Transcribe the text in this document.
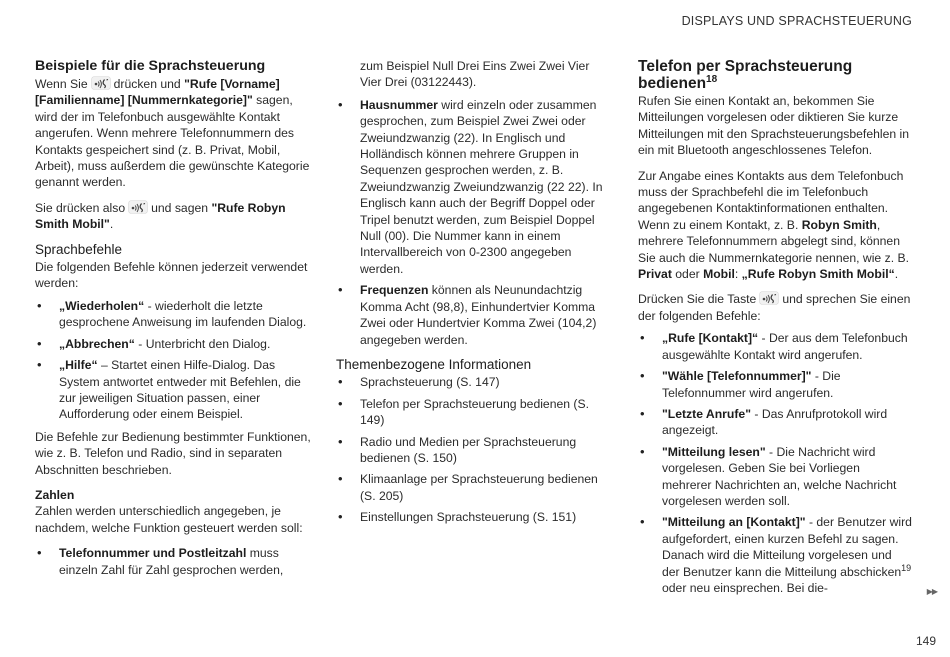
DISPLAYS UND SPRACHSTEUERUNG
Beispiele für die Sprachsteuerung

Wenn Sie drücken und "Rufe [Vorname] [Familienname] [Nummernkategorie]" sagen, wird der im Telefonbuch ausgewählte Kontakt angerufen. Wenn mehrere Telefonnummern des Kontakts gespeichert sind (z. B. Privat, Mobil, Arbeit), muss außerdem die gewünschte Kategorie genannt werden.

Sie drücken also und sagen "Rufe Robyn Smith Mobil".

Sprachbefehle

Die folgenden Befehle können jederzeit verwendet werden:

• „Wiederholen“ - wiederholt die letzte gesprochene Anweisung im laufenden Dialog.
• „Abbrechen“ - Unterbricht den Dialog.
• „Hilfe“ – Startet einen Hilfe-Dialog. Das System antwortet entweder mit Befehlen, die zur jeweiligen Situation passen, einer Aufforderung oder einem Beispiel.

Die Befehle zur Bedienung bestimmter Funktionen, wie z. B. Telefon und Radio, sind in separaten Abschnitten beschrieben.

Zahlen

Zahlen werden unterschiedlich angegeben, je nachdem, welche Funktion gesteuert werden soll:

• Telefonnummer und Postleitzahl muss einzeln Zahl für Zahl gesprochen werden,

zum Beispiel Null Drei Eins Zwei Zwei Vier Vier Drei (03122443).

• Hausnummer wird einzeln oder zusammen gesprochen, zum Beispiel Zwei Zwei oder Zweiundzwanzig (22). In Englisch und Holländisch können mehrere Gruppen in Sequenzen gesprochen werden, z. B. Zweiundzwanzig Zweiundzwanzig (22 22). In Englisch kann auch der Begriff Doppel oder Tripel benutzt werden, zum Beispiel Doppel Null (00). Die Nummer kann in einem Intervallbereich von 0-2300 angegeben werden.
• Frequenzen können als Neunundachtzig Komma Acht (98,8), Einhundertvier Komma Zwei oder Hundertvier Komma Zwei (104,2) angegeben werden.
Themenbezogene Informationen
• Sprachsteuerung (S. 147)
• Telefon per Sprachsteuerung bedienen (S. 149)
• Radio und Medien per Sprachsteuerung bedienen (S. 150)
• Klimaanlage per Sprachsteuerung bedienen (S. 205)
• Einstellungen Sprachsteuerung (S. 151)
Telefon per Sprachsteuerung bedienen$^{18}$

Rufen Sie einen Kontakt an, bekommen Sie Mitteilungen vorgelesen oder diktieren Sie kurze Mitteilungen mit den Sprachsteuerungsbefehlen in ein mit Bluetooth angeschlossenes Telefon.

Zur Angabe eines Kontakts aus dem Telefonbuch muss der Sprachbefehl die im Telefonbuch angegebenen Kontaktinformationen enthalten. Wenn zu einem Kontakt, z. B. Robyn Smith, mehrere Telefonnummern abgelegt sind, können Sie auch die Nummernkategorie nennen, wie z. B. Privat oder Mobil: „Rufe Robyn Smith Mobil“.

Drücken Sie die Taste und sprechen Sie einen der folgenden Befehle:

• „Rufe [Kontakt]“ - Der aus dem Telefonbuch ausgewählte Kontakt wird angerufen.
• "Wähle [Telefonnummer]" - Die Telefonnummer wird angerufen.
• "Letzte Anrufe" - Das Anrufprotokoll wird angezeigt.
• "Mitteilung lesen" - Die Nachricht wird vorgelesen. Geben Sie bei Vorliegen mehrerer Nachrichten an, welche Nachricht vorgelesen werden soll.
• "Mitteilung an [Kontakt]" - der Benutzer wird aufgefordert, einen kurzen Befehl zu sagen. Danach wird die Mitteilung vorgelesen und der Benutzer kann die Mitteilung abschicken$^{19}$ oder neu einsprechen. Bei die-	▶▶
149
